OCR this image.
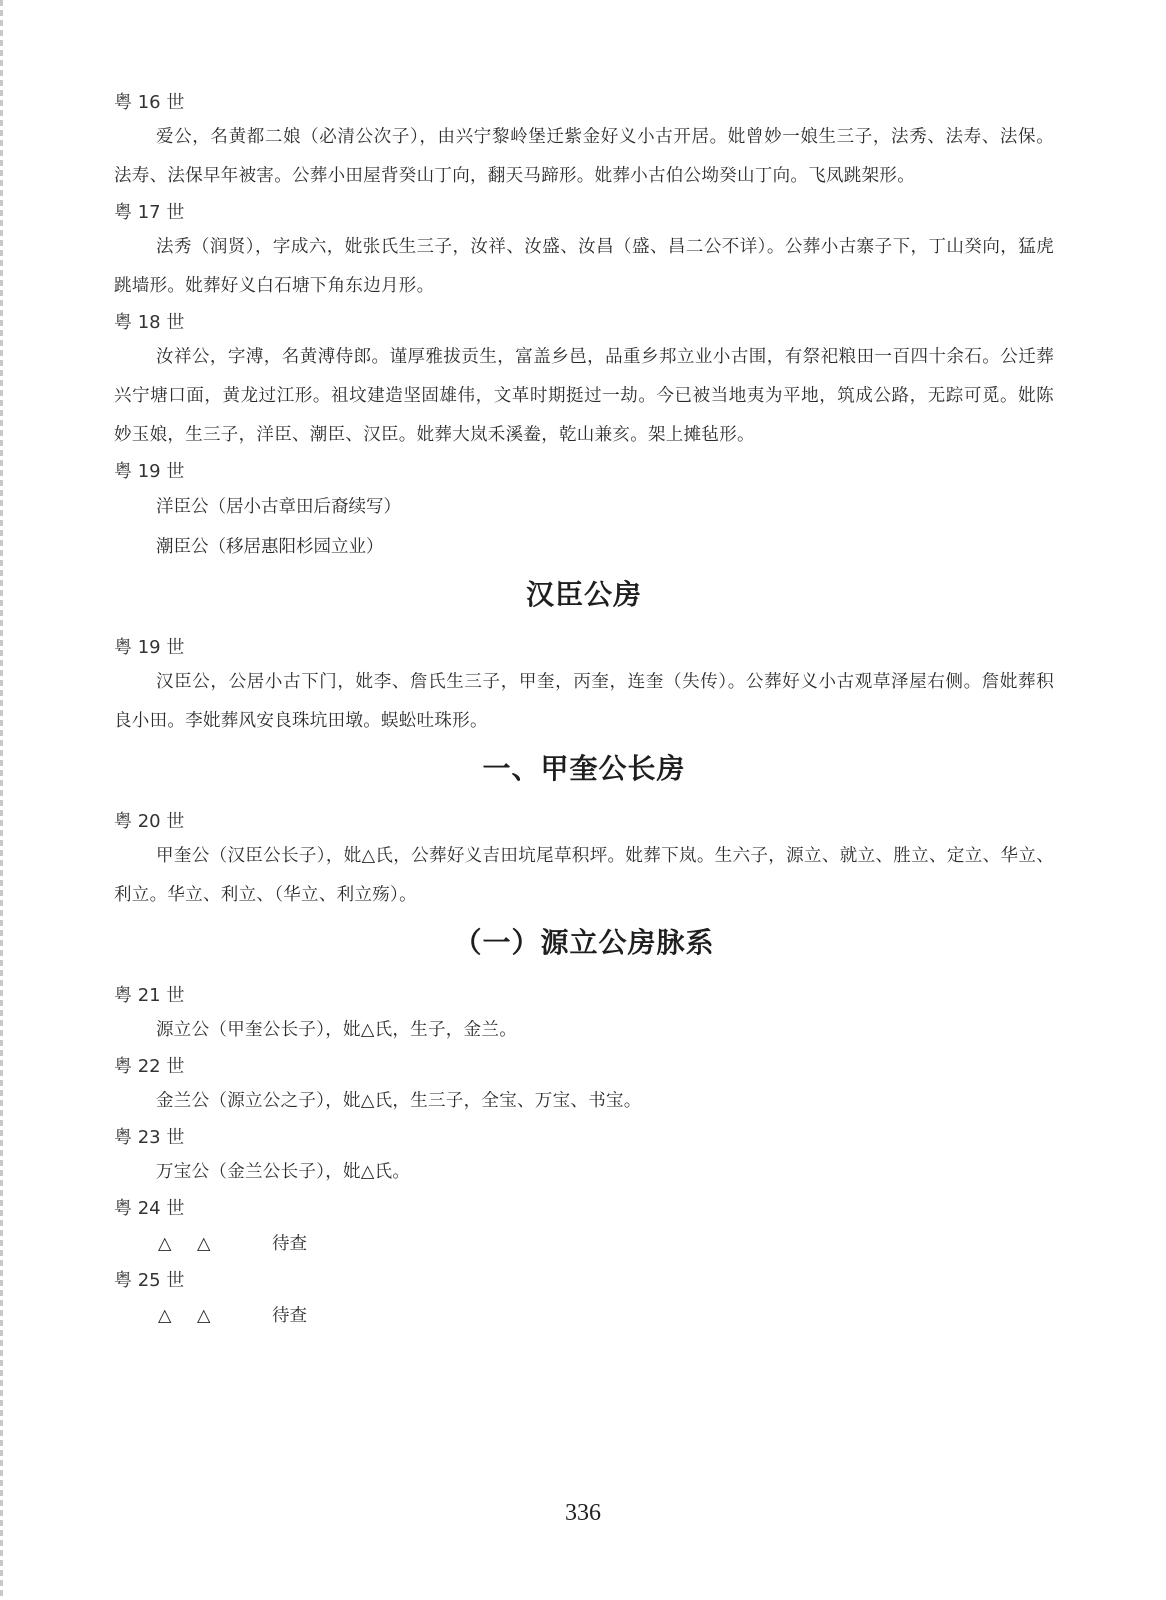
粤 16 世

爱公，名黄都二娘（必清公次子），由兴宁黎岭堡迁紫金好义小古开居。妣曾妙一娘生三子，法秀、法寿、法保。法寿、法保早年被害。公葬小田屋背癸山丁向，翻天马蹄形。妣葬小古伯公坳癸山丁向。飞凤跳架形。

粤 17 世

法秀（润贤），字成六，妣张氏生三子，汝祥、汝盛、汝昌（盛、昌二公不详）。公葬小古寨子下，丁山癸向，猛虎跳墙形。妣葬好义白石塘下角东边月形。

粤 18 世

汝祥公，字溥，名黄溥侍郎。谨厚雅拔贡生，富盖乡邑，品重乡邦立业小古围，有祭祀粮田一百四十余石。公迁葬兴宁塘口面，黄龙过江形。祖坟建造坚固雄伟，文革时期挺过一劫。今已被当地夷为平地，筑成公路，无踪可觅。妣陈妙玉娘，生三子，洋臣、潮臣、汉臣。妣葬大岚禾溪鲞，乾山兼亥。架上摊毡形。

粤 19 世

洋臣公（居小古章田后裔续写）

潮臣公（移居惠阳杉园立业）

汉臣公房

粤 19 世

汉臣公，公居小古下门，妣李、詹氏生三子，甲奎，丙奎，连奎（失传）。公葬好义小古观草泽屋右侧。詹妣葬积良小田。李妣葬风安良珠坑田墩。蜈蚣吐珠形。

一、甲奎公长房

粤 20 世

甲奎公（汉臣公长子），妣△氏，公葬好义吉田坑尾草积坪。妣葬下岚。生六子，源立、就立、胜立、定立、华立、利立。华立、利立、（华立、利立殇）。

（一）源立公房脉系

粤 21 世

源立公（甲奎公长子），妣△氏，生子，金兰。

粤 22 世

金兰公（源立公之子），妣△氏，生三子，全宝、万宝、书宝。

粤 23 世

万宝公（金兰公长子），妣△氏。

粤 24 世

△ △	待查

粤 25 世

△ △	待查
336
